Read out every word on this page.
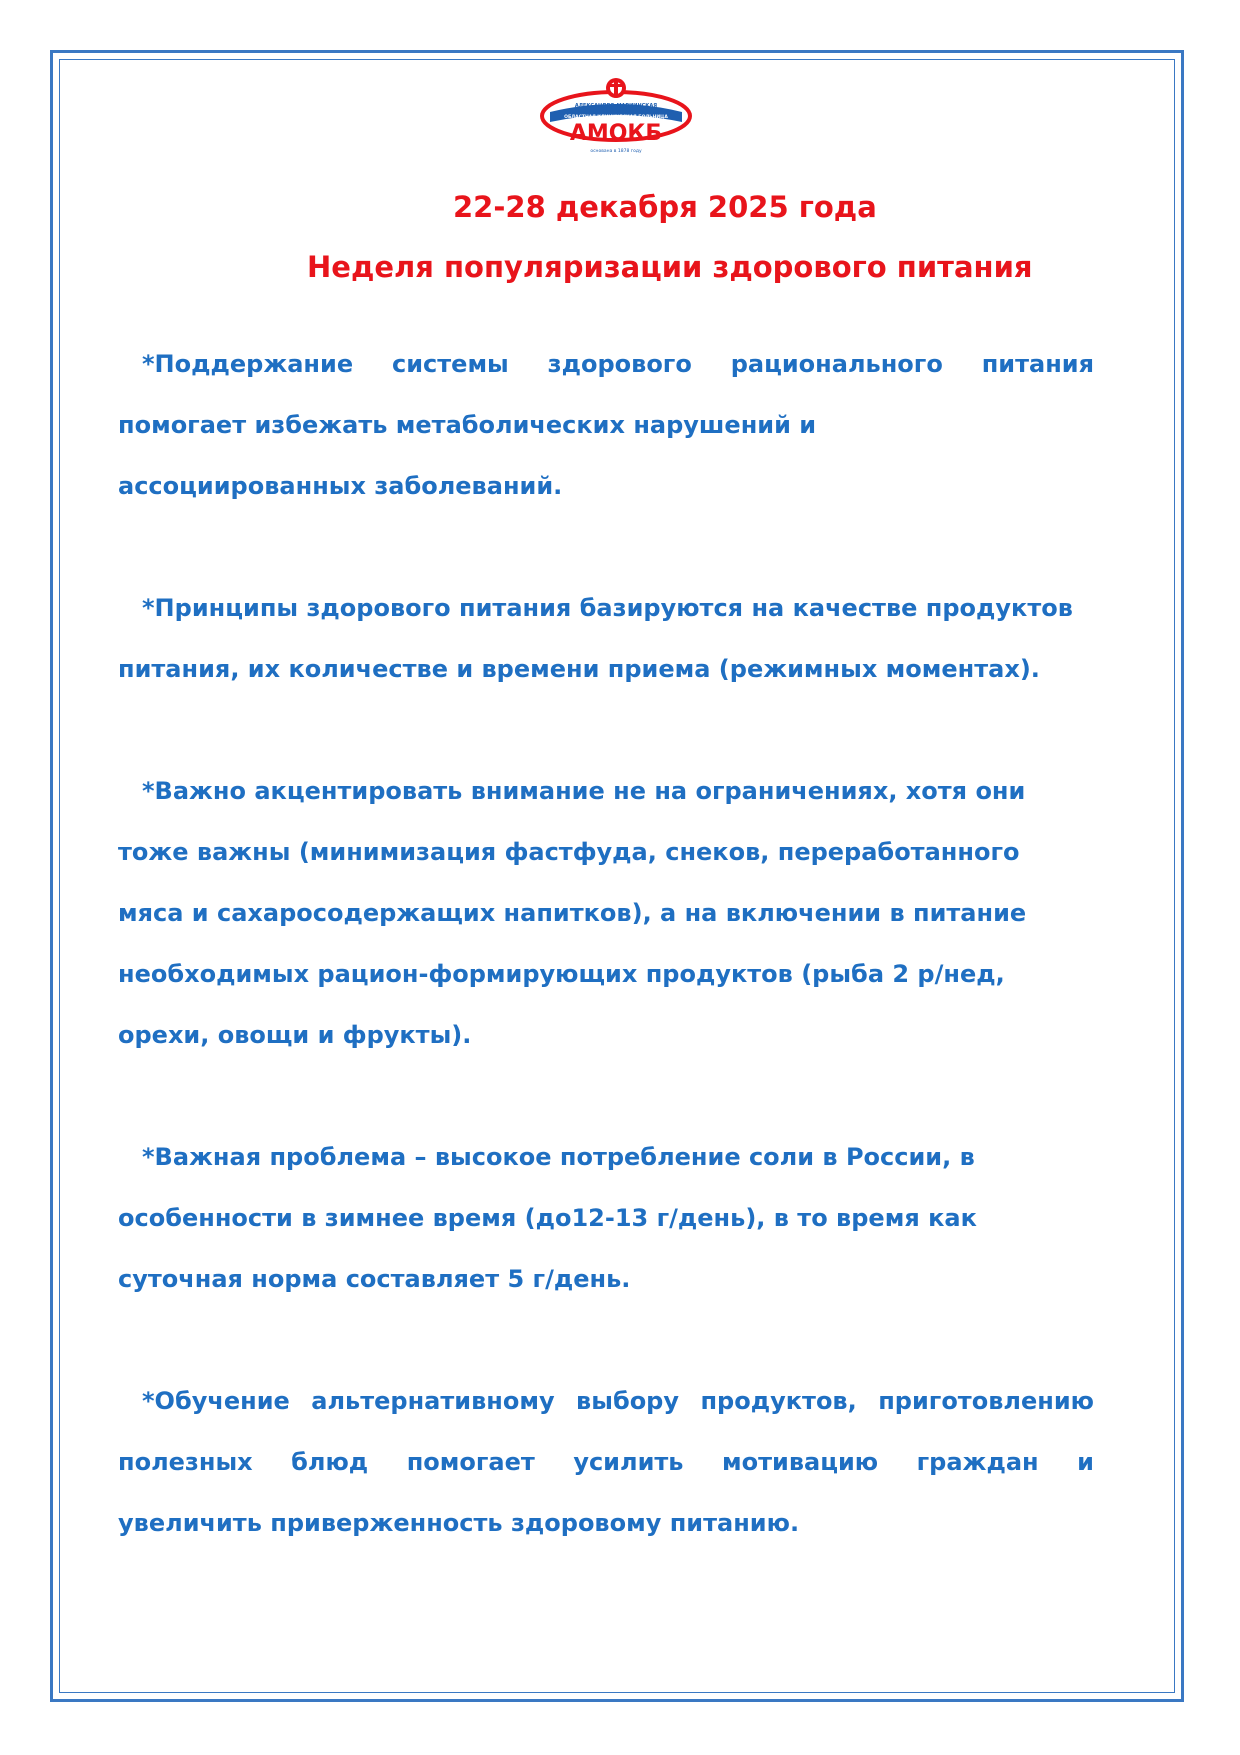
АЛЕКСАНДРО-МАРИИНСКАЯ
ОБЛАСТНАЯ КЛИНИЧЕСКАЯ БОЛЬНИЦА
АМОКБ
основана в 1878 году
22-28 декабря 2025 года
Неделя популяризации здорового питания
*Поддержание системы здорового рационального питания
помогает избежать метаболических нарушений и
ассоциированных заболеваний.
*Принципы здорового питания базируются на качестве продуктов
питания, их количестве и времени приема (режимных моментах).
*Важно акцентировать внимание не на ограничениях, хотя они
тоже важны (минимизация фастфуда, снеков, переработанного
мяса и сахаросодержащих напитков), а на включении в питание
необходимых рацион-формирующих продуктов (рыба 2 р/нед,
орехи, овощи и фрукты).
*Важная проблема – высокое потребление соли в России, в
особенности в зимнее время (до12-13 г/день), в то время как
суточная норма составляет 5 г/день.
*Обучение альтернативному выбору продуктов, приготовлению
полезных блюд помогает усилить мотивацию граждан и
увеличить приверженность здоровому питанию.
